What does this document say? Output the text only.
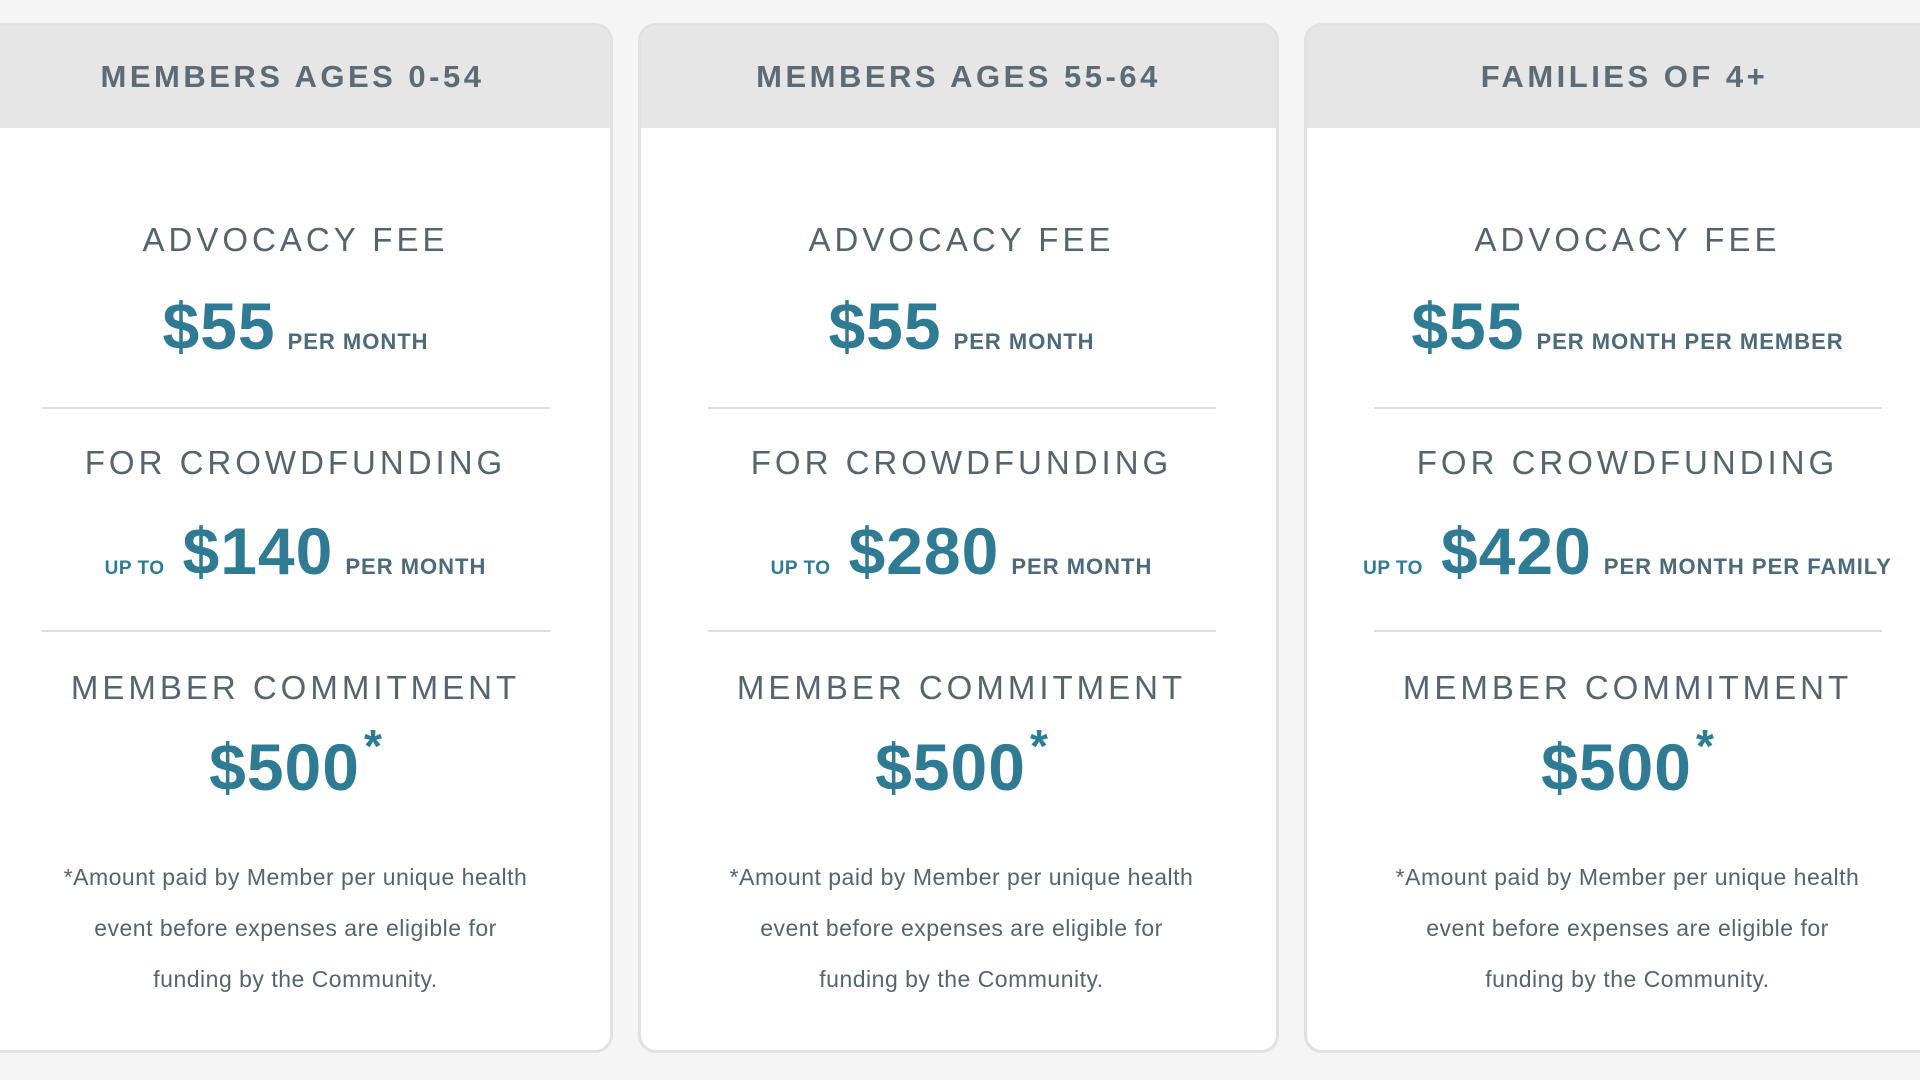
MEMBERS AGES 0-54
ADVOCACY FEE
$55 PER MONTH
FOR CROWDFUNDING
UP TO $140 PER MONTH
MEMBER COMMITMENT
$500 *
*Amount paid by Member per unique health
event before expenses are eligible for
funding by the Community.
MEMBERS AGES 55-64
ADVOCACY FEE
$55 PER MONTH
FOR CROWDFUNDING
UP TO $280 PER MONTH
MEMBER COMMITMENT
$500 *
*Amount paid by Member per unique health
event before expenses are eligible for
funding by the Community.
FAMILIES OF 4+
ADVOCACY FEE
$55 PER MONTH PER MEMBER
FOR CROWDFUNDING
UP TO $420 PER MONTH PER FAMILY
MEMBER COMMITMENT
$500 *
*Amount paid by Member per unique health
event before expenses are eligible for
funding by the Community.
